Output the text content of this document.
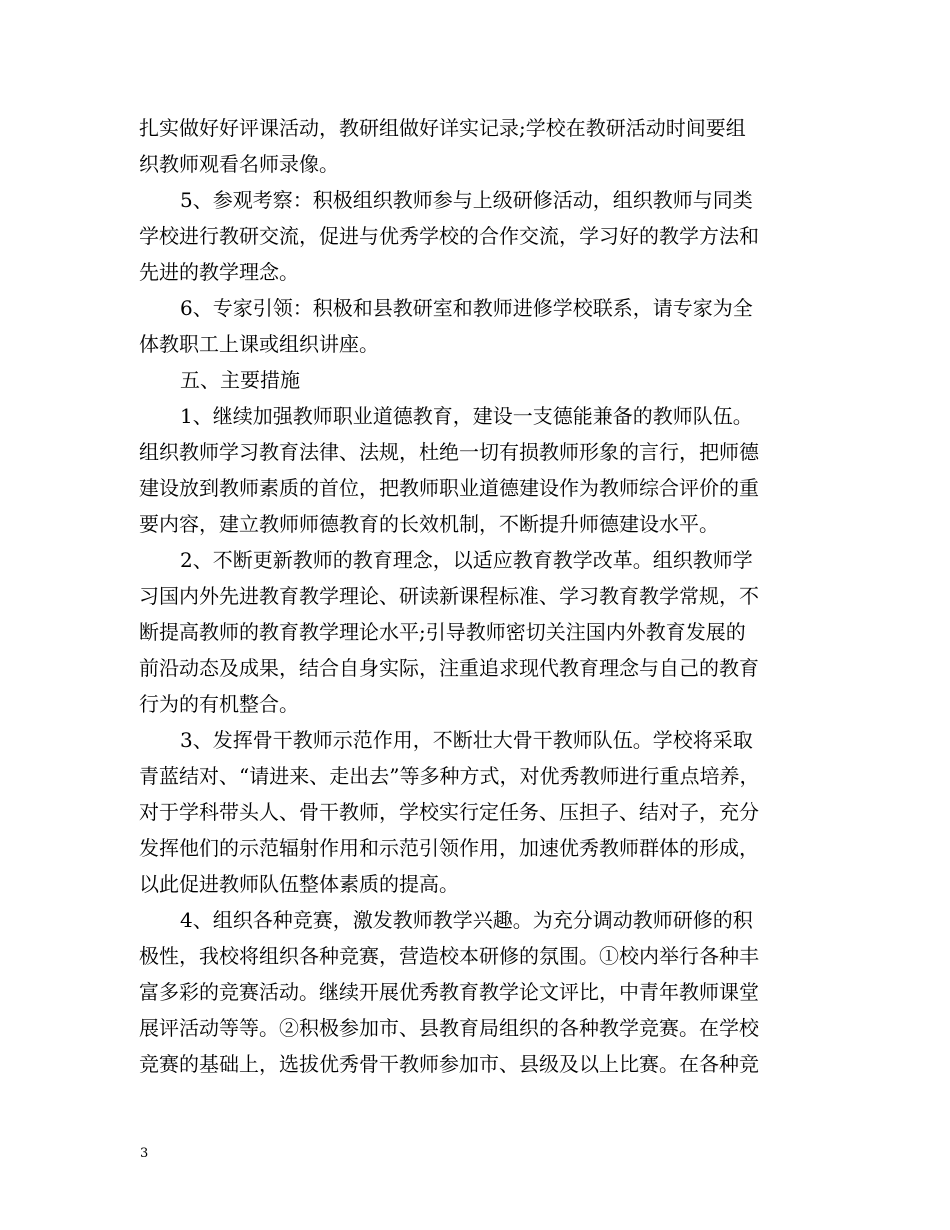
扎实做好好评课活动，教研组做好详实记录;学校在教研活动时间要组
织教师观看名师录像。
5、参观考察：积极组织教师参与上级研修活动，组织教师与同类
学校进行教研交流，促进与优秀学校的合作交流，学习好的教学方法和
先进的教学理念。
6、专家引领：积极和县教研室和教师进修学校联系，请专家为全
体教职工上课或组织讲座。
五、主要措施
1、继续加强教师职业道德教育，建设一支德能兼备的教师队伍。
组织教师学习教育法律、法规，杜绝一切有损教师形象的言行，把师德
建设放到教师素质的首位，把教师职业道德建设作为教师综合评价的重
要内容，建立教师师德教育的长效机制，不断提升师德建设水平。
2、不断更新教师的教育理念，以适应教育教学改革。组织教师学
习国内外先进教育教学理论、研读新课程标准、学习教育教学常规，不
断提高教师的教育教学理论水平;引导教师密切关注国内外教育发展的
前沿动态及成果，结合自身实际，注重追求现代教育理念与自己的教育
行为的有机整合。
3、发挥骨干教师示范作用，不断壮大骨干教师队伍。学校将采取
青蓝结对、“请进来、走出去”等多种方式，对优秀教师进行重点培养，
对于学科带头人、骨干教师，学校实行定任务、压担子、结对子，充分
发挥他们的示范辐射作用和示范引领作用，加速优秀教师群体的形成，
以此促进教师队伍整体素质的提高。
4、组织各种竞赛，激发教师教学兴趣。为充分调动教师研修的积
极性，我校将组织各种竞赛，营造校本研修的氛围。①校内举行各种丰
富多彩的竞赛活动。继续开展优秀教育教学论文评比，中青年教师课堂
展评活动等等。②积极参加市、县教育局组织的各种教学竞赛。在学校
竞赛的基础上，选拔优秀骨干教师参加市、县级及以上比赛。在各种竞
3
